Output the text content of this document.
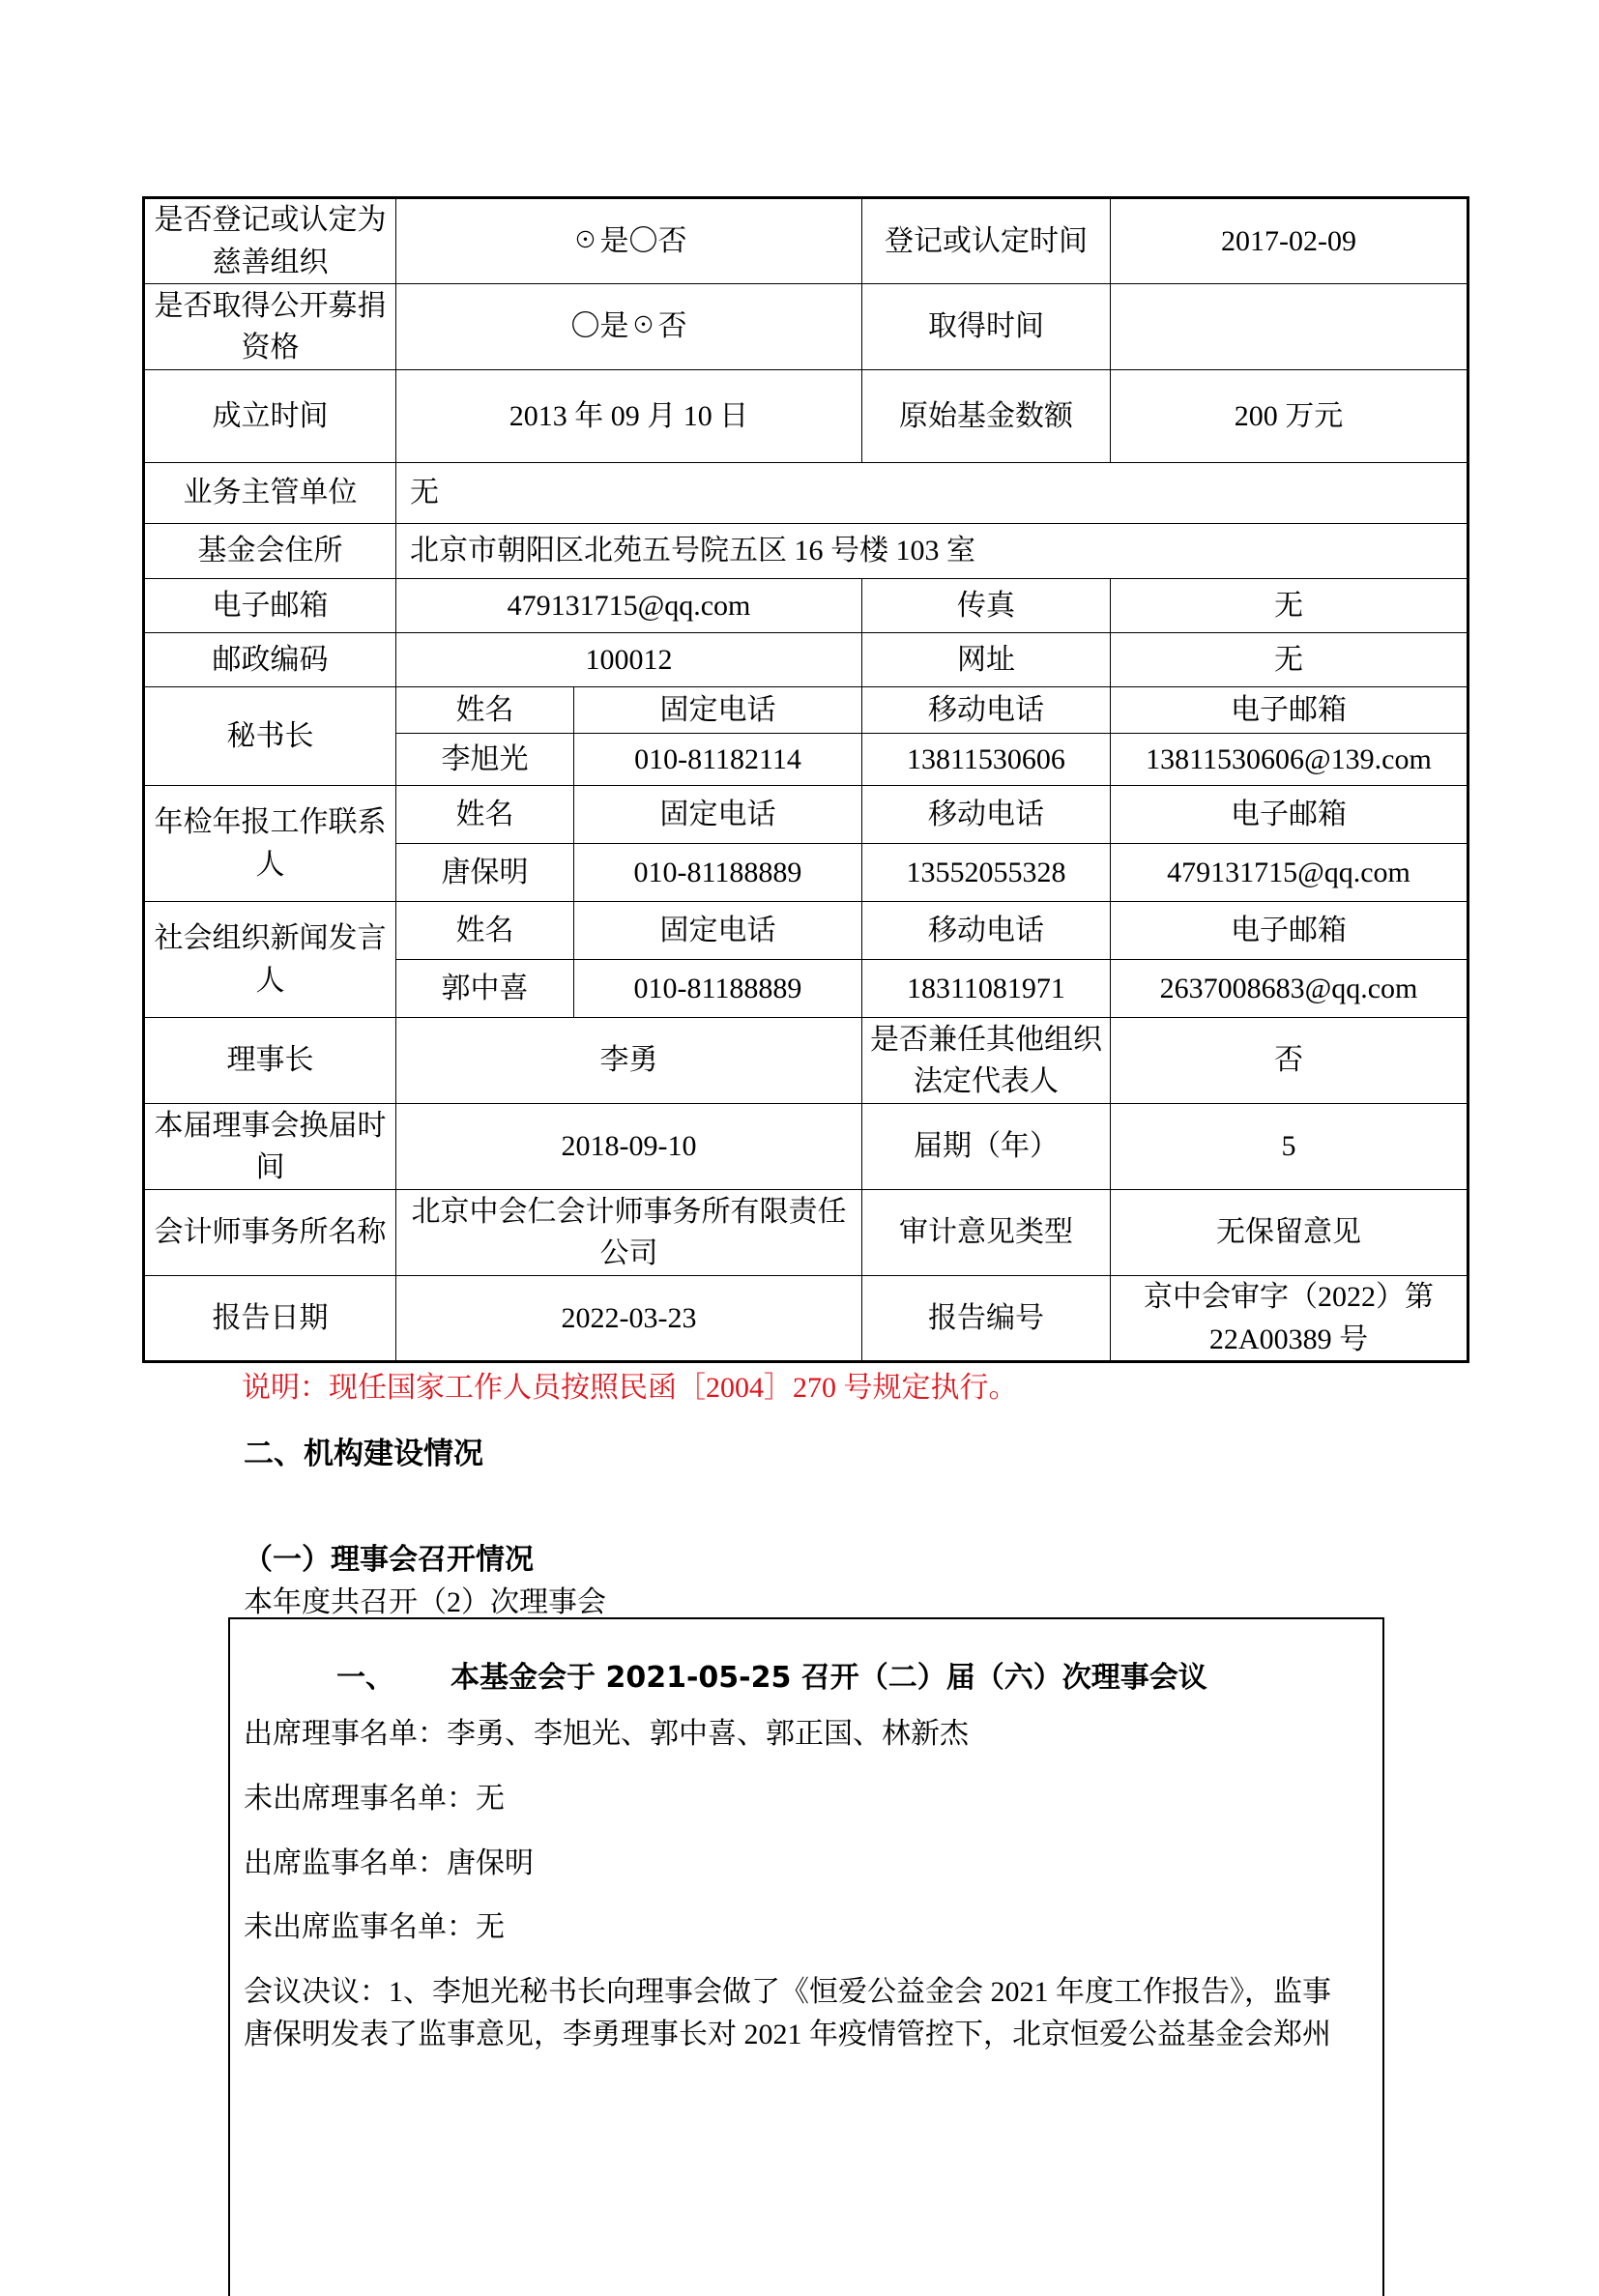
是否登记或认定为慈善组织	☉是〇否		登记或认定时间	2017-02-09
是否取得公开募捐资格	〇是☉否		取得时间	
成立时间	2013 年 09 月 10 日		原始基金数额	200 万元
业务主管单位	无			
基金会住所	北京市朝阳区北苑五号院五区 16 号楼 103 室			
电子邮箱	479131715@qq.com		传真	无
邮政编码	100012		网址	无
秘书长	姓名	固定电话	移动电话	电子邮箱
	李旭光	010-81182114	13811530606	13811530606@139.com
年检年报工作联系人	姓名	固定电话	移动电话	电子邮箱
	唐保明	010-81188889	13552055328	479131715@qq.com
社会组织新闻发言人	姓名	固定电话	移动电话	电子邮箱
	郭中喜	010-81188889	18311081971	2637008683@qq.com
理事长	李勇		是否兼任其他组织法定代表人	否
本届理事会换届时间	2018-09-10		届期（年）	5
会计师事务所名称	北京中会仁会计师事务所有限责任公司		审计意见类型	无保留意见
报告日期	2022-03-23		报告编号	京中会审字（2022）第 22A00389 号
说明：现任国家工作人员按照民函［2004］270 号规定执行。
二、机构建设情况
（一）理事会召开情况
本年度共召开（2）次理事会
一、 本基金会于 2021-05-25 召开（二）届（六）次理事会议
出席理事名单：李勇、李旭光、郭中喜、郭正国、林新杰
未出席理事名单：无
出席监事名单：唐保明
未出席监事名单：无
会议决议：1、李旭光秘书长向理事会做了《恒爱公益金会 2021 年度工作报告》，监事
唐保明发表了监事意见，李勇理事长对 2021 年疫情管控下，北京恒爱公益基金会郑州
